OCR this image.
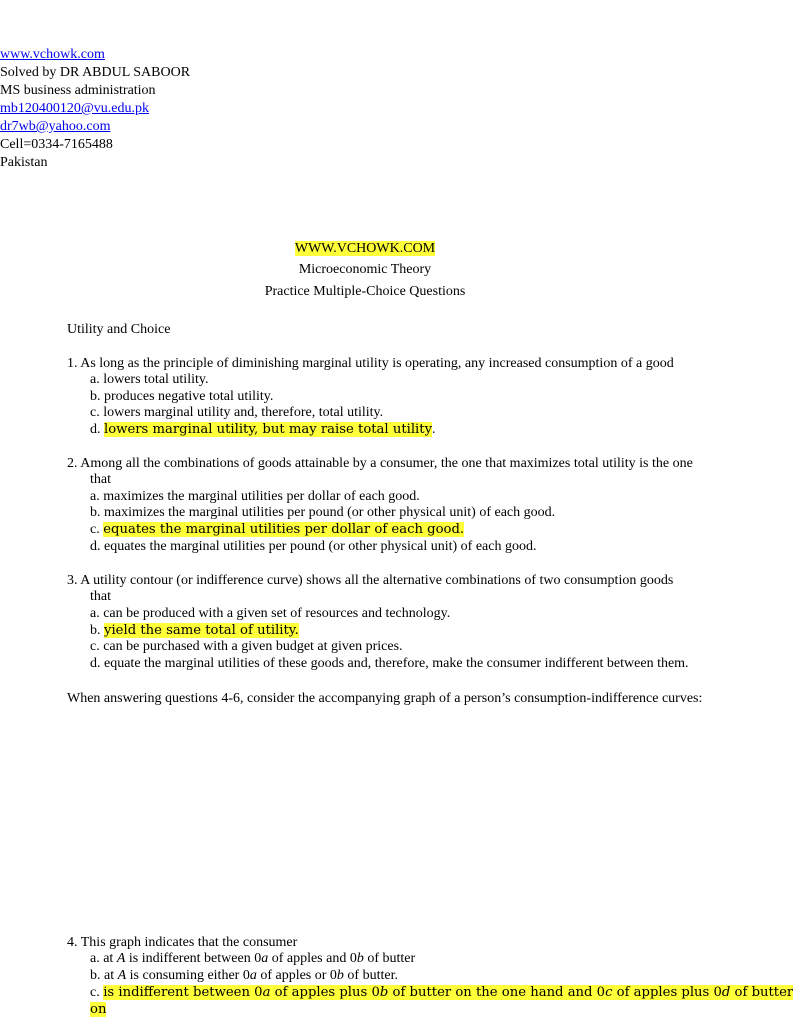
www.vchowk.com
Solved by DR ABDUL SABOOR
MS business administration
mb120400120@vu.edu.pk
dr7wb@yahoo.com
Cell=0334-7165488
Pakistan
WWW.VCHOWK.COM
Microeconomic Theory
Practice Multiple-Choice Questions
Utility and Choice
1. As long as the principle of diminishing marginal utility is operating, any increased consumption of a good
a. lowers total utility.
b. produces negative total utility.
c. lowers marginal utility and, therefore, total utility.
d. lowers marginal utility, but may raise total utility.
2. Among all the combinations of goods attainable by a consumer, the one that maximizes total utility is the one
that
a. maximizes the marginal utilities per dollar of each good.
b. maximizes the marginal utilities per pound (or other physical unit) of each good.
c. equates the marginal utilities per dollar of each good.
d. equates the marginal utilities per pound (or other physical unit) of each good.
3. A utility contour (or indifference curve) shows all the alternative combinations of two consumption goods
that
a. can be produced with a given set of resources and technology.
b. yield the same total of utility.
c. can be purchased with a given budget at given prices.
d. equate the marginal utilities of these goods and, therefore, make the consumer indifferent between them.
When answering questions 4-6, consider the accompanying graph of a person’s consumption-indifference curves:
4. This graph indicates that the consumer
a. at A is indifferent between 0a of apples and 0b of butter
b. at A is consuming either 0a of apples or 0b of butter.
c. is indifferent between 0a of apples plus 0b of butter on the one hand and 0c of apples plus 0d of butter
on
